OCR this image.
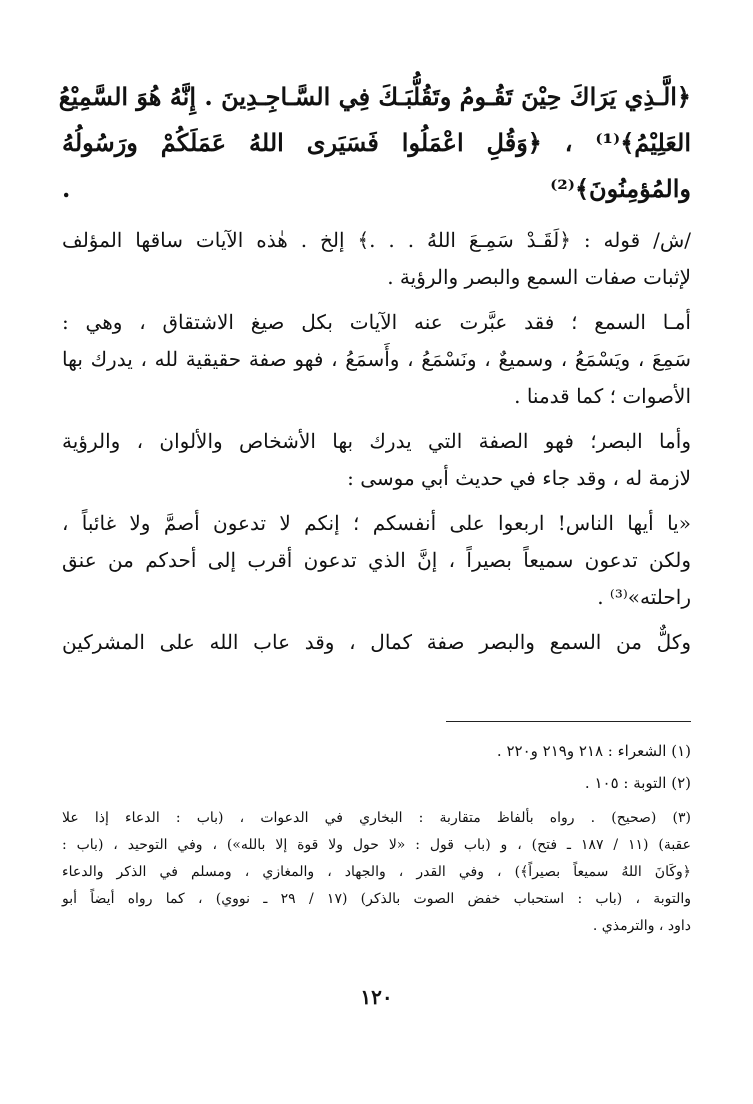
﴿الَّـذِي يَرَاكَ حِيْنَ تَقُـومُ وتَقُلُّبَـكَ فِي السَّـاجِـدِينَ . إِنَّهُ هُوَ السَّمِيْعُ
العَلِيْمُ﴾⁽¹⁾ ، ﴿وَقُلِ اعْمَلُوا فَسَيَرى اللهُ عَمَلَكُمْ ورَسُولُهُ
والمُؤمِنُونَ﴾⁽²⁾ .
/ش/ قوله : ﴿لَقَـدْ سَمِـعَ اللهُ . . .﴾ إلخ . هٰذه الآيات ساقها المؤلف
لإثبات صفات السمع والبصر والرؤية .
أمـا السمع ؛ فقد عبَّرت عنه الآيات بكل صيغ الاشتقاق ، وهي :
سَمِعَ ، ويَسْمَعُ ، وسميعٌ ، ونَسْمَعُ ، وأَسمَعُ ، فهو صفة حقيقية لله ، يدرك بها
الأصوات ؛ كما قدمنا .
وأما البصر؛ فهو الصفة التي يدرك بها الأشخاص والألوان ، والرؤية
لازمة له ، وقد جاء في حديث أبي موسى :
«يا أيها الناس! اربعوا على أنفسكم ؛ إنكم لا تدعون أصمَّ ولا غائباً ،
ولكن تدعون سميعاً بصيراً ، إنَّ الذي تدعون أقرب إلى أحدكم من عنق
راحلته»⁽³⁾ .
وكلٌّ من السمع والبصر صفة كمال ، وقد عاب الله على المشركين
(١) الشعراء : ٢١٨ و٢١٩ و٢٢٠ .
(٢) التوبة : ١٠٥ .
(٣) (صحيح) . رواه بألفاظ متقاربة : البخاري في الدعوات ، (باب : الدعاء إذا علا
عقبة) (١١ / ١٨٧ ـ فتح) ، و (باب قول : «لا حول ولا قوة إلا بالله») ، وفي التوحيد ، (باب :
﴿وكَانَ اللهُ سميعاً بصيراً﴾) ، وفي القدر ، والجهاد ، والمغازي ، ومسلم في الذكر والدعاء
والتوبة ، (باب : استحباب خفض الصوت بالذكر) (١٧ / ٢٩ ـ نووي) ، كما رواه أيضاً أبو
داود ، والترمذي .
١٢٠
